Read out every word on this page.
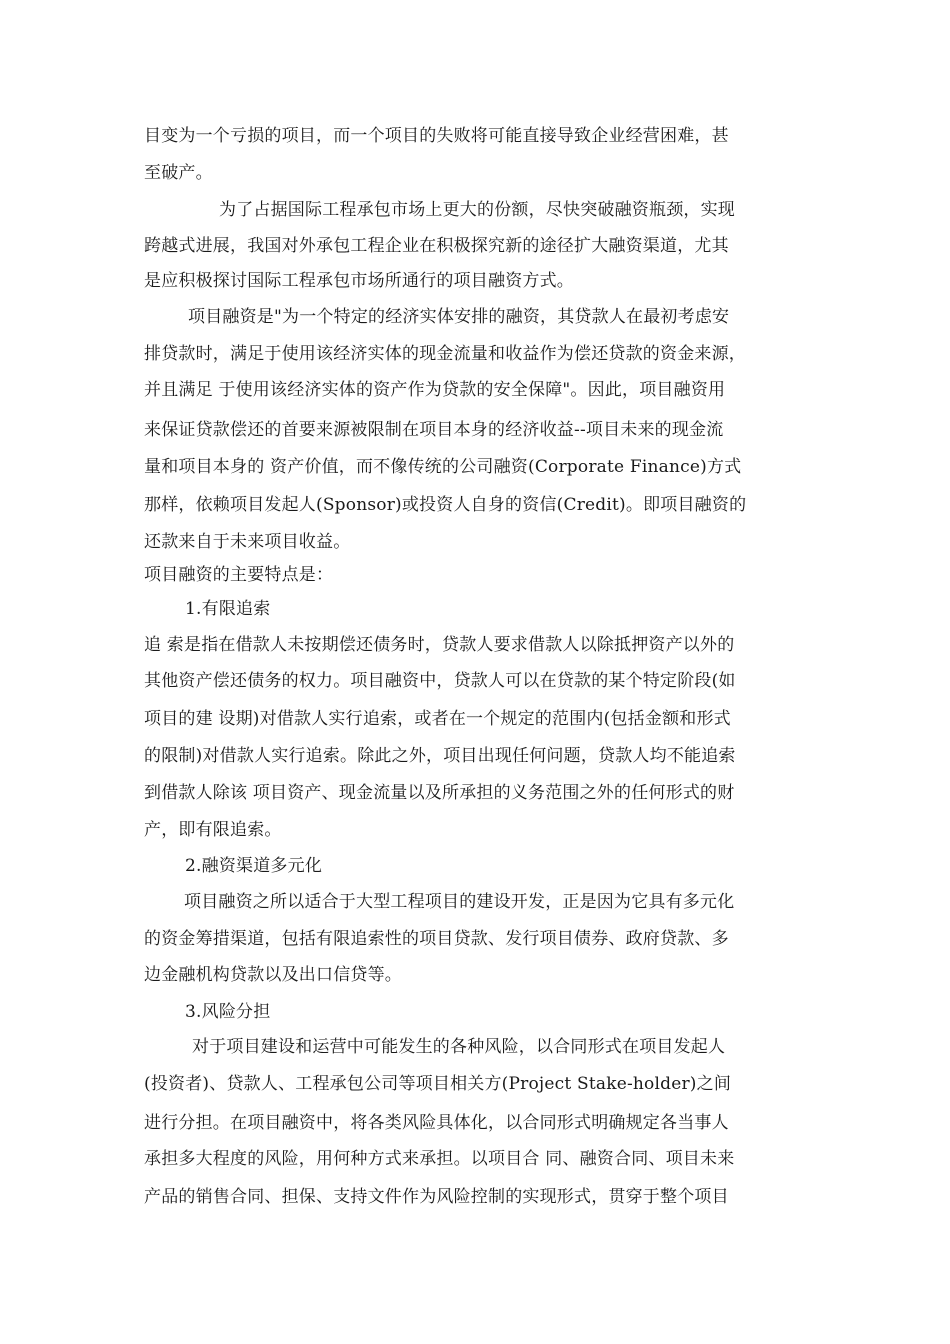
目变为一个亏损的项目，而一个项目的失败将可能直接导致企业经营困难，甚
至破产。
为了占据国际工程承包市场上更大的份额，尽快突破融资瓶颈，实现
跨越式进展，我国对外承包工程企业在积极探究新的途径扩大融资渠道，尤其
是应积极探讨国际工程承包市场所通行的项目融资方式。
项目融资是"为一个特定的经济实体安排的融资，其贷款人在最初考虑安
排贷款时，满足于使用该经济实体的现金流量和收益作为偿还贷款的资金来源，
并且满足 于使用该经济实体的资产作为贷款的安全保障"。因此，项目融资用
来保证贷款偿还的首要来源被限制在项目本身的经济收益--项目未来的现金流
量和项目本身的 资产价值，而不像传统的公司融资(Corporate Finance)方式
那样，依赖项目发起人(Sponsor)或投资人自身的资信(Credit)。即项目融资的
还款来自于未来项目收益。
项目融资的主要特点是：
1.有限追索
追 索是指在借款人未按期偿还债务时，贷款人要求借款人以除抵押资产以外的
其他资产偿还债务的权力。项目融资中，贷款人可以在贷款的某个特定阶段(如
项目的建 设期)对借款人实行追索，或者在一个规定的范围内(包括金额和形式
的限制)对借款人实行追索。除此之外，项目出现任何问题，贷款人均不能追索
到借款人除该 项目资产、现金流量以及所承担的义务范围之外的任何形式的财
产，即有限追索。
2.融资渠道多元化
项目融资之所以适合于大型工程项目的建设开发，正是因为它具有多元化
的资金筹措渠道，包括有限追索性的项目贷款、发行项目债券、政府贷款、多
边金融机构贷款以及出口信贷等。
3.风险分担
对于项目建设和运营中可能发生的各种风险，以合同形式在项目发起人
(投资者)、贷款人、工程承包公司等项目相关方(Project Stake-holder)之间
进行分担。在项目融资中，将各类风险具体化，以合同形式明确规定各当事人
承担多大程度的风险，用何种方式来承担。以项目合 同、融资合同、项目未来
产品的销售合同、担保、支持文件作为风险控制的实现形式，贯穿于整个项目
